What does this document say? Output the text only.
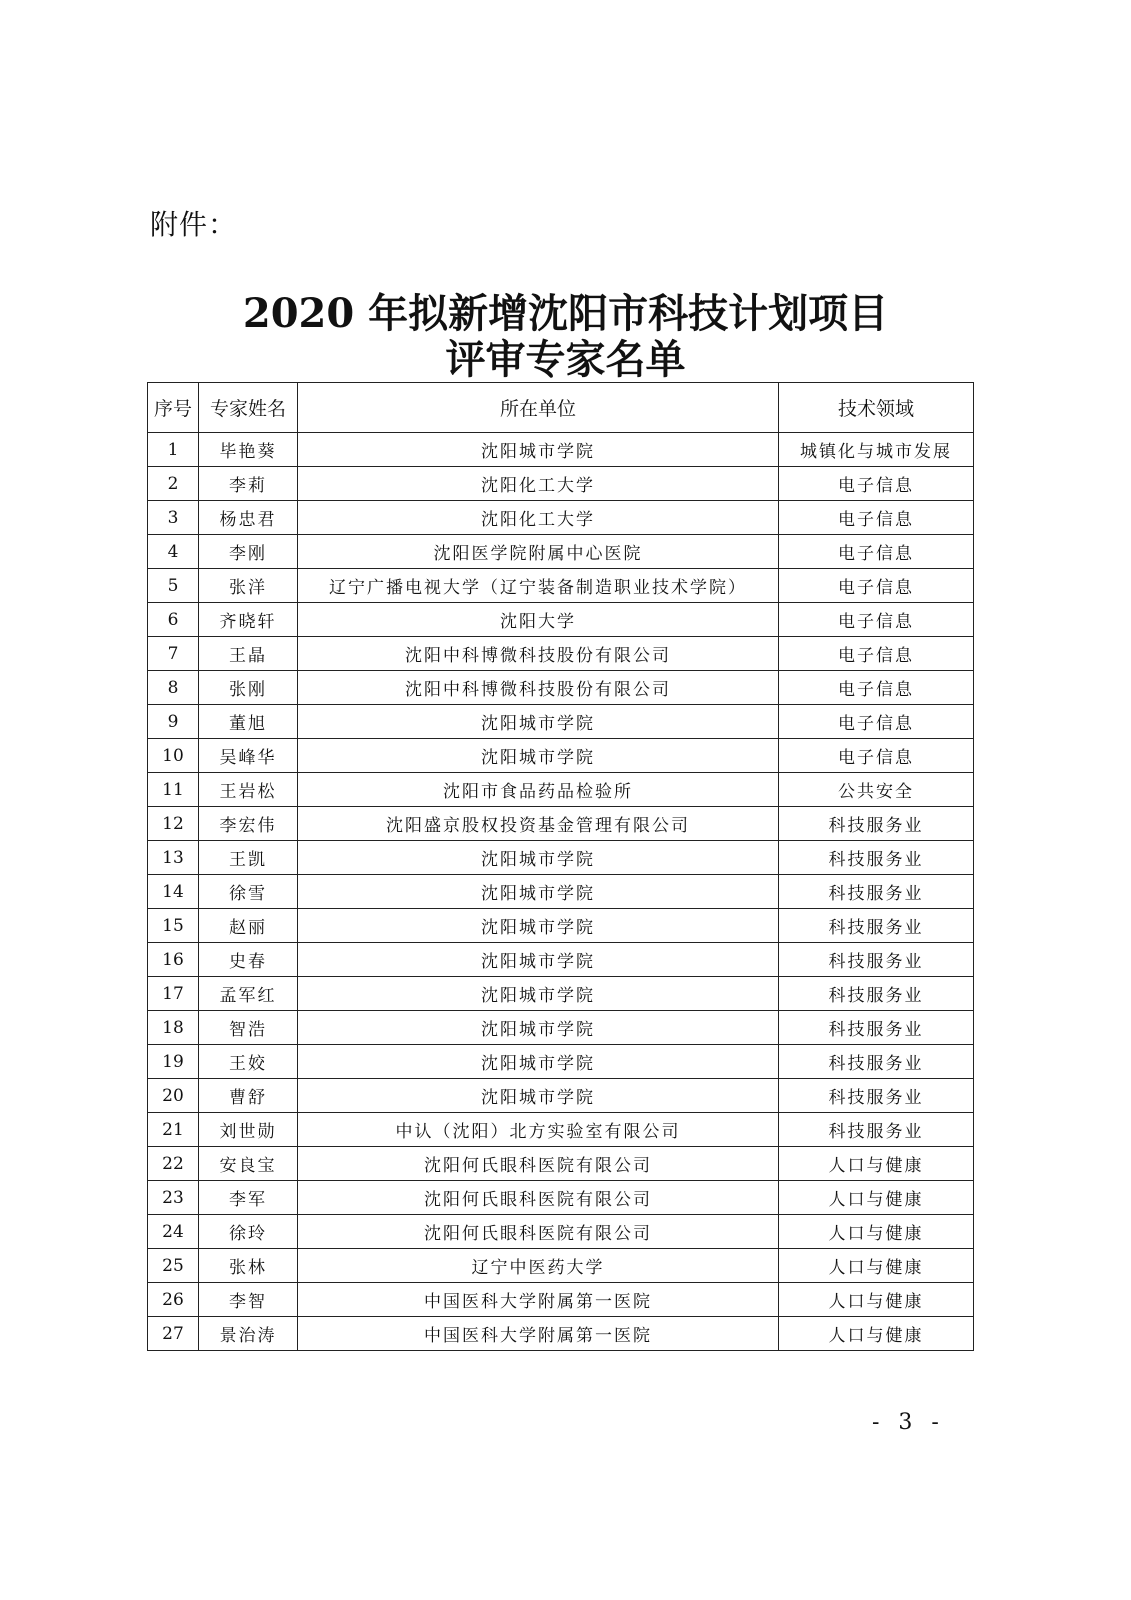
附件：
2020 年拟新增沈阳市科技计划项目
评审专家名单
序号	专家姓名	所在单位	技术领域
1	毕艳葵	沈阳城市学院	城镇化与城市发展
2	李莉	沈阳化工大学	电子信息
3	杨忠君	沈阳化工大学	电子信息
4	李刚	沈阳医学院附属中心医院	电子信息
5	张洋	辽宁广播电视大学（辽宁装备制造职业技术学院）	电子信息
6	齐晓轩	沈阳大学	电子信息
7	王晶	沈阳中科博微科技股份有限公司	电子信息
8	张刚	沈阳中科博微科技股份有限公司	电子信息
9	董旭	沈阳城市学院	电子信息
10	吴峰华	沈阳城市学院	电子信息
11	王岩松	沈阳市食品药品检验所	公共安全
12	李宏伟	沈阳盛京股权投资基金管理有限公司	科技服务业
13	王凯	沈阳城市学院	科技服务业
14	徐雪	沈阳城市学院	科技服务业
15	赵丽	沈阳城市学院	科技服务业
16	史春	沈阳城市学院	科技服务业
17	孟军红	沈阳城市学院	科技服务业
18	智浩	沈阳城市学院	科技服务业
19	王姣	沈阳城市学院	科技服务业
20	曹舒	沈阳城市学院	科技服务业
21	刘世勋	中认（沈阳）北方实验室有限公司	科技服务业
22	安良宝	沈阳何氏眼科医院有限公司	人口与健康
23	李军	沈阳何氏眼科医院有限公司	人口与健康
24	徐玲	沈阳何氏眼科医院有限公司	人口与健康
25	张林	辽宁中医药大学	人口与健康
26	李智	中国医科大学附属第一医院	人口与健康
27	景治涛	中国医科大学附属第一医院	人口与健康
- 3 -
